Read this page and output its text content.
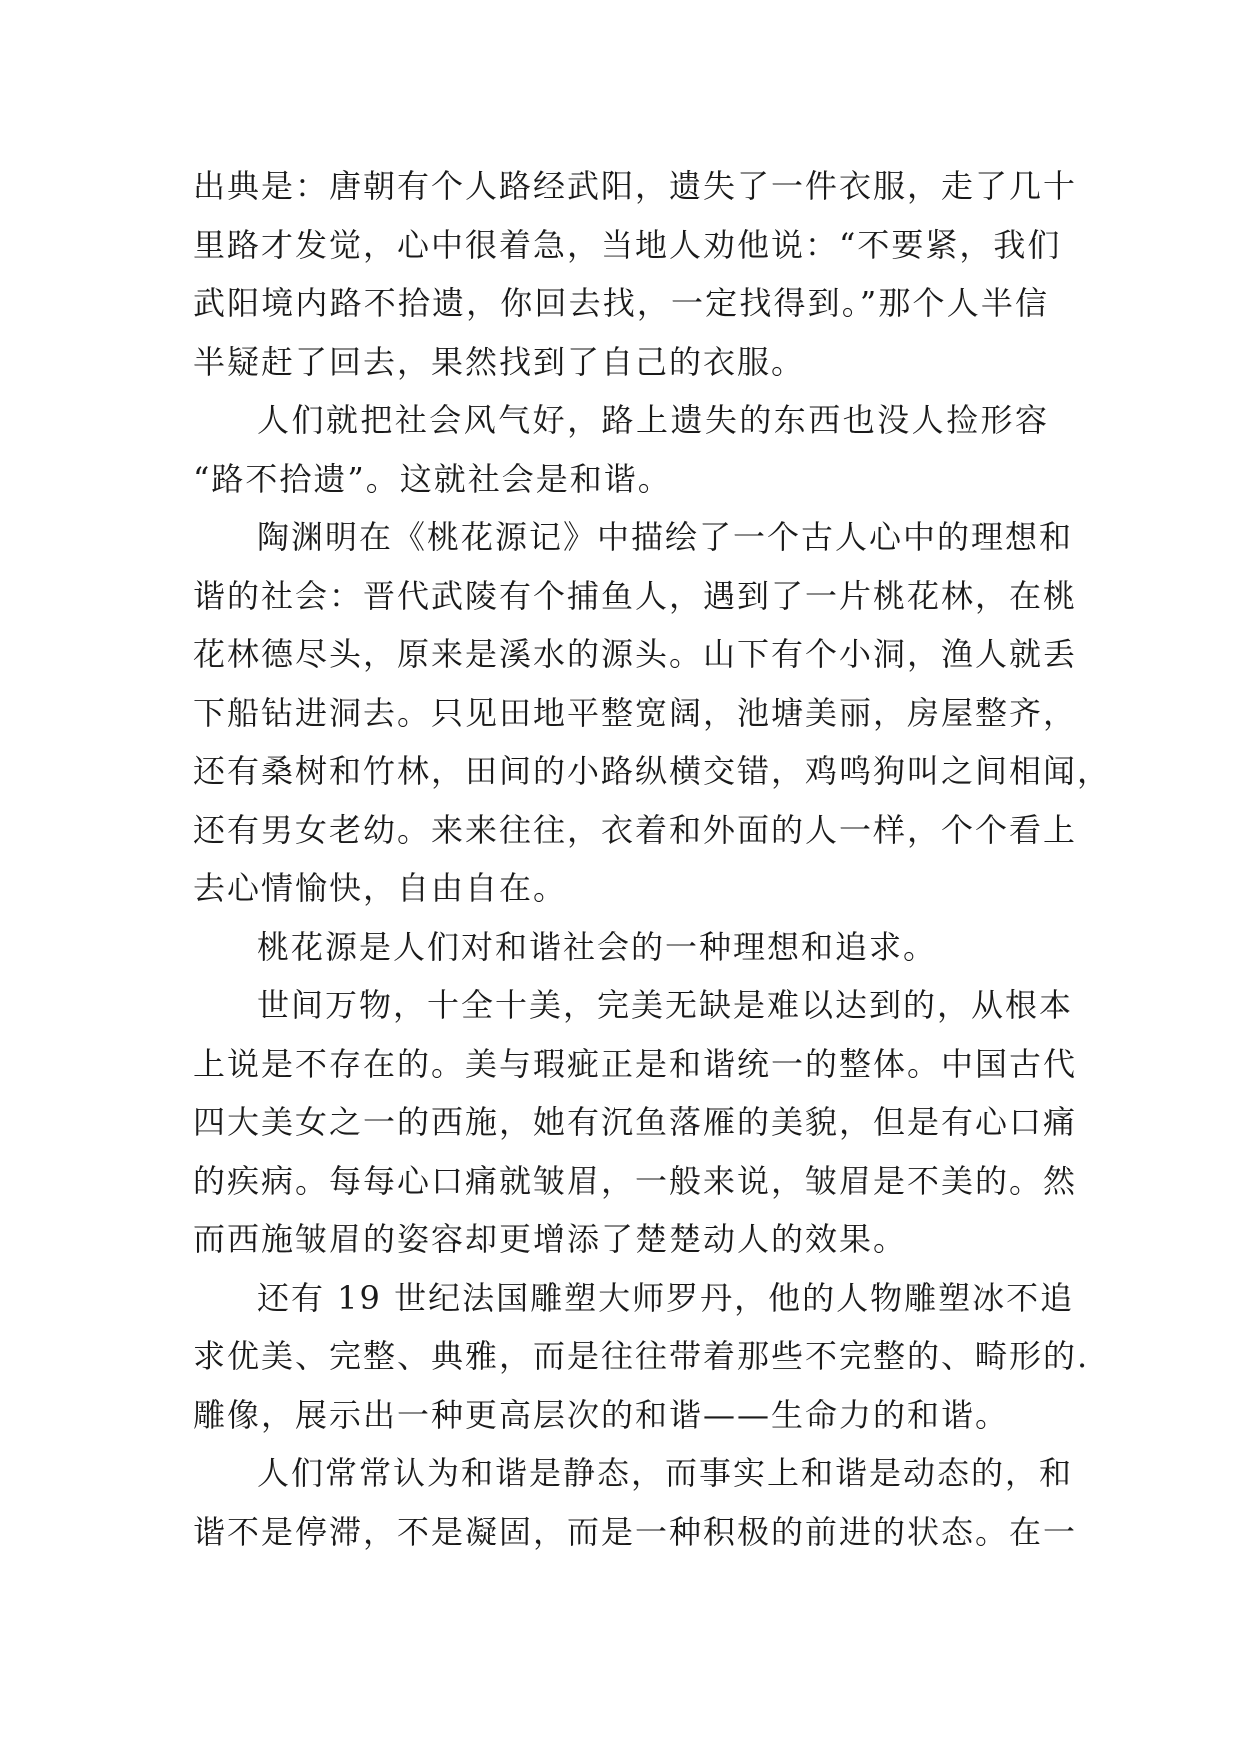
出典是：唐朝有个人路经武阳，遗失了一件衣服，走了几十
里路才发觉，心中很着急，当地人劝他说：“不要紧，我们
武阳境内路不拾遗，你回去找，一定找得到。”那个人半信
半疑赶了回去，果然找到了自己的衣服。
人们就把社会风气好，路上遗失的东西也没人捡形容
“路不拾遗”。这就社会是和谐。
陶渊明在《桃花源记》中描绘了一个古人心中的理想和
谐的社会：晋代武陵有个捕鱼人，遇到了一片桃花林，在桃
花林德尽头，原来是溪水的源头。山下有个小洞，渔人就丢
下船钻进洞去。只见田地平整宽阔，池塘美丽，房屋整齐，
还有桑树和竹林，田间的小路纵横交错，鸡鸣狗叫之间相闻，
还有男女老幼。来来往往，衣着和外面的人一样，个个看上
去心情愉快，自由自在。
桃花源是人们对和谐社会的一种理想和追求。
世间万物，十全十美，完美无缺是难以达到的，从根本
上说是不存在的。美与瑕疵正是和谐统一的整体。中国古代
四大美女之一的西施，她有沉鱼落雁的美貌，但是有心口痛
的疾病。每每心口痛就皱眉，一般来说，皱眉是不美的。然
而西施皱眉的姿容却更增添了楚楚动人的效果。
还有 19 世纪法国雕塑大师罗丹，他的人物雕塑冰不追
求优美、完整、典雅，而是往往带着那些不完整的、畸形的.
雕像，展示出一种更高层次的和谐——生命力的和谐。
人们常常认为和谐是静态，而事实上和谐是动态的，和
谐不是停滞，不是凝固，而是一种积极的前进的状态。在一
